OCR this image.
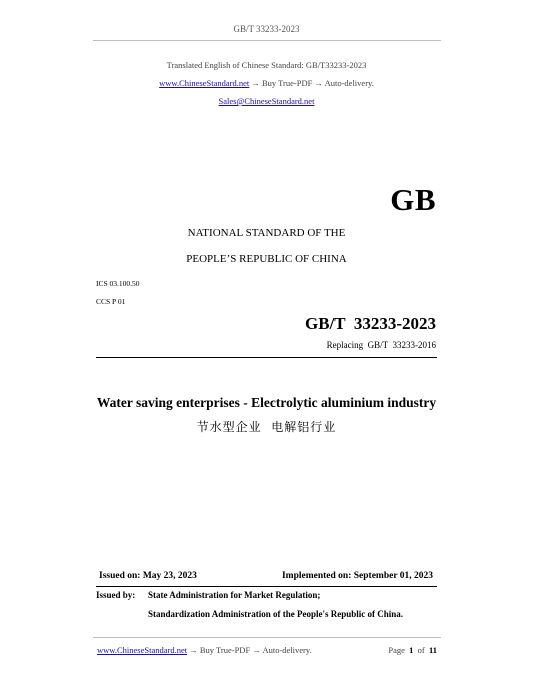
GB/T 33233-2023
Translated English of Chinese Standard: GB/T33233-2023
www.ChineseStandard.net → Buy True-PDF → Auto-delivery.
Sales@ChineseStandard.net
GB
NATIONAL STANDARD OF THE
PEOPLE’S REPUBLIC OF CHINA
ICS 03.100.50
CCS P 01
GB/T  33233-2023
Replacing  GB/T  33233-2016
Water saving enterprises - Electrolytic aluminium industry
节水型企业  电解铝行业
Issued on: May 23, 2023	Implemented on: September 01, 2023
Issued by: State Administration for Market Regulation;
Standardization Administration of the People's Republic of China.
www.ChineseStandard.net → Buy True-PDF → Auto-delivery.	Page 1 of 11
